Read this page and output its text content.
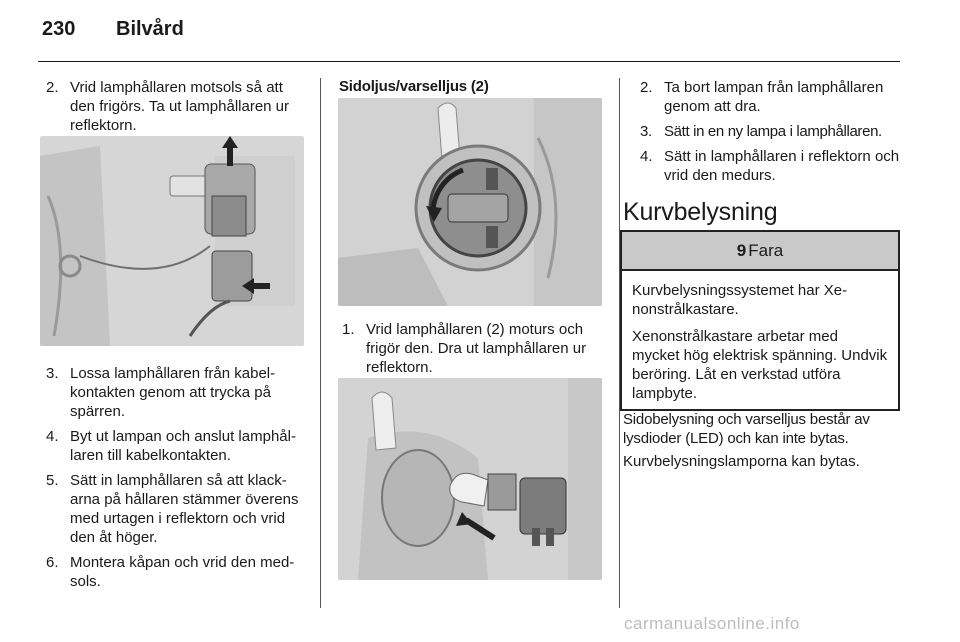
230 Bilvård
2. Vrid lamphållaren motsols så att den frigörs. Ta ut lamphållaren ur reflektorn.
3. Lossa lamphållaren från kabelkontakten genom att trycka på spärren.
4. Byt ut lampan och anslut lamphållaren till kabelkontakten.
5. Sätt in lamphållaren så att klackarna på hållaren stämmer överens med urtagen i reflektorn och vrid den åt höger.
6. Montera kåpan och vrid den medsols.
Sidoljus/varselljus (2)
1. Vrid lamphållaren (2) moturs och frigör den. Dra ut lamphållaren ur reflektorn.
2. Ta bort lampan från lamphållaren genom att dra.
3. Sätt in en ny lampa i lamphållaren.
4. Sätt in lamphållaren i reflektorn och vrid den medurs.
Kurvbelysning
9 Fara

Kurvbelysningssystemet har Xenonstrålkastare.

Xenonstrålkastare arbetar med mycket hög elektrisk spänning. Undvik beröring. Låt en verkstad utföra lampbyte.

Sidobelysning och varselljus består av lysdioder (LED) och kan inte bytas.
Kurvbelysningslamporna kan bytas.
carmanualsonline.info
